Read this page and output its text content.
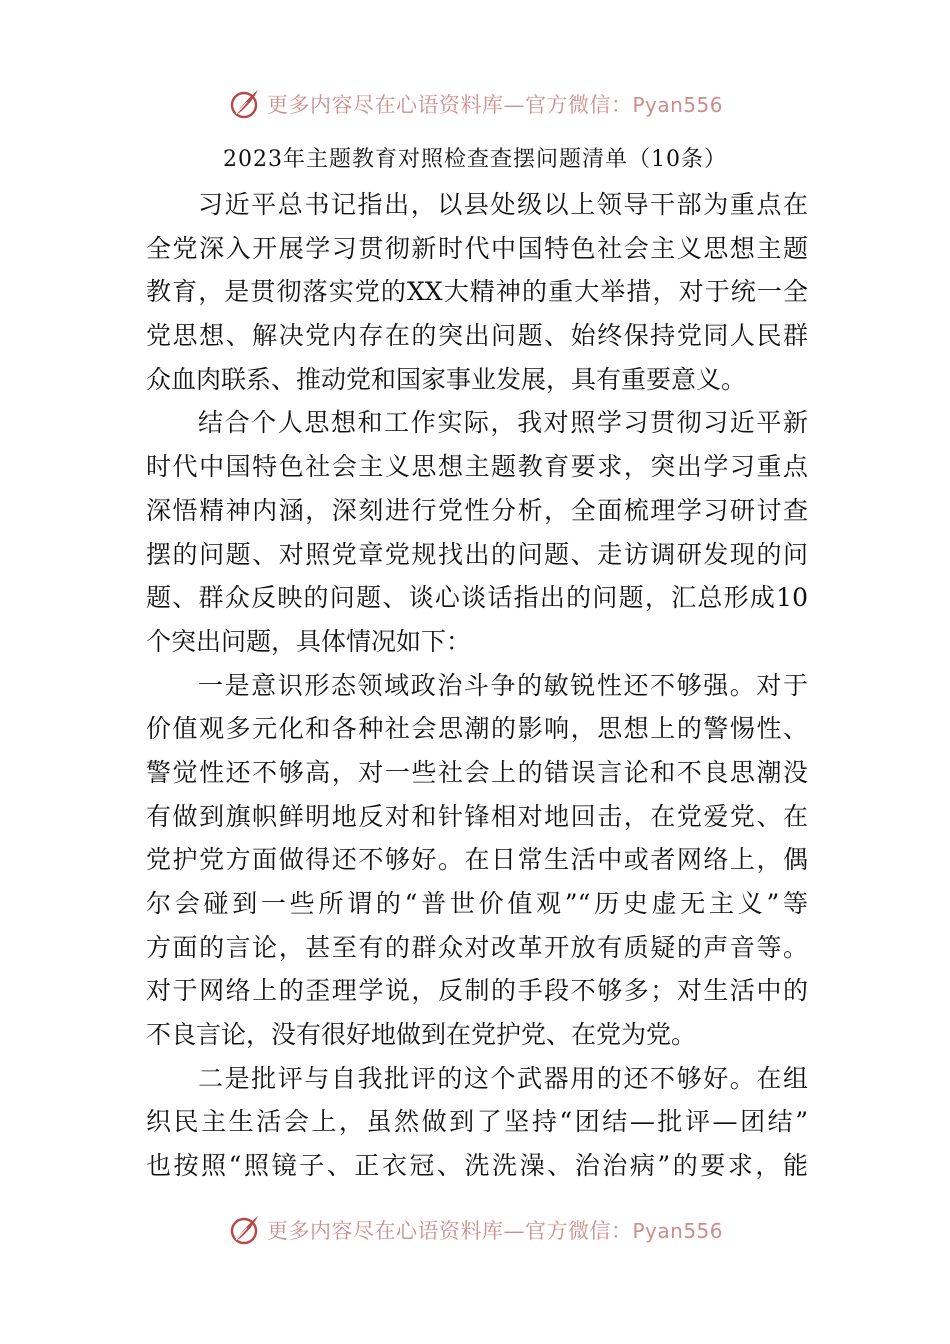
更多内容尽在心语资料库—官方微信：Pyan556
2023年主题教育对照检查查摆问题清单（10条）
习近平总书记指出，以县处级以上领导干部为重点在
全党深入开展学习贯彻新时代中国特色社会主义思想主题
教育，是贯彻落实党的XX大精神的重大举措，对于统一全
党思想、解决党内存在的突出问题、始终保持党同人民群
众血肉联系、推动党和国家事业发展，具有重要意义。
结合个人思想和工作实际，我对照学习贯彻习近平新
时代中国特色社会主义思想主题教育要求，突出学习重点
深悟精神内涵，深刻进行党性分析，全面梳理学习研讨查
摆的问题、对照党章党规找出的问题、走访调研发现的问
题、群众反映的问题、谈心谈话指出的问题，汇总形成10
个突出问题，具体情况如下：
一是意识形态领域政治斗争的敏锐性还不够强。对于
价值观多元化和各种社会思潮的影响，思想上的警惕性、
警觉性还不够高，对一些社会上的错误言论和不良思潮没
有做到旗帜鲜明地反对和针锋相对地回击，在党爱党、在
党护党方面做得还不够好。在日常生活中或者网络上，偶
尔会碰到一些所谓的“普世价值观”“历史虚无主义”等
方面的言论，甚至有的群众对改革开放有质疑的声音等。
对于网络上的歪理学说，反制的手段不够多；对生活中的
不良言论，没有很好地做到在党护党、在党为党。
二是批评与自我批评的这个武器用的还不够好。在组
织民主生活会上，虽然做到了坚持“团结—批评—团结”
也按照“照镜子、正衣冠、洗洗澡、治治病”的要求，能
更多内容尽在心语资料库—官方微信：Pyan556
